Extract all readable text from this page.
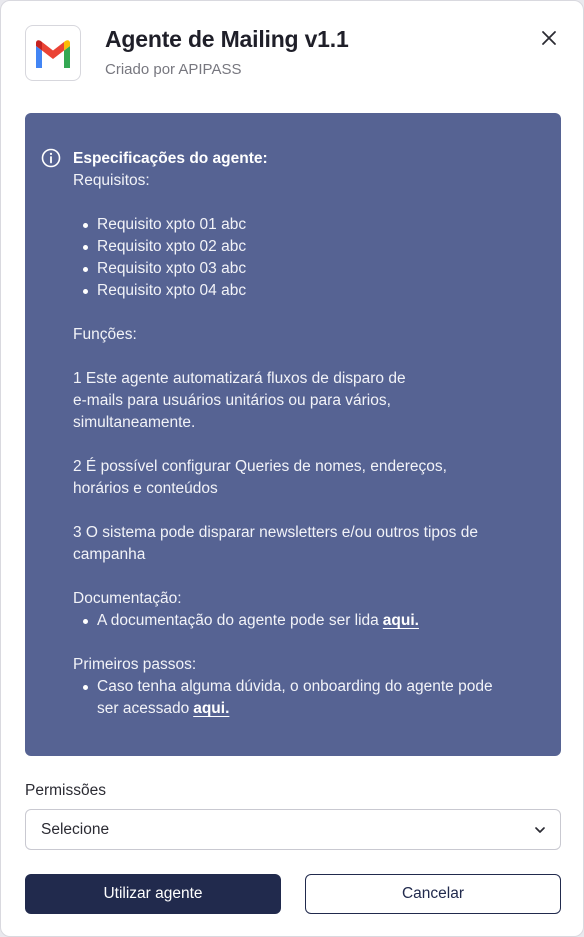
Agente de Mailing v1.1
Criado por APIPASS
Especificações do agente:
Requisitos:
Requisito xpto 01 abc
Requisito xpto 02 abc
Requisito xpto 03 abc
Requisito xpto 04 abc
Funções:
1 Este agente automatizará fluxos de disparo de
e-mails para usuários unitários ou para vários,
simultaneamente.
2 É possível configurar Queries de nomes, endereços,
horários e conteúdos
3 O sistema pode disparar newsletters e/ou outros tipos de
campanha
Documentação:
A documentação do agente pode ser lida aqui.
Primeiros passos:
Caso tenha alguma dúvida, o onboarding do agente pode
ser acessado aqui.
Permissões
Selecione
Utilizar agente	Cancelar
